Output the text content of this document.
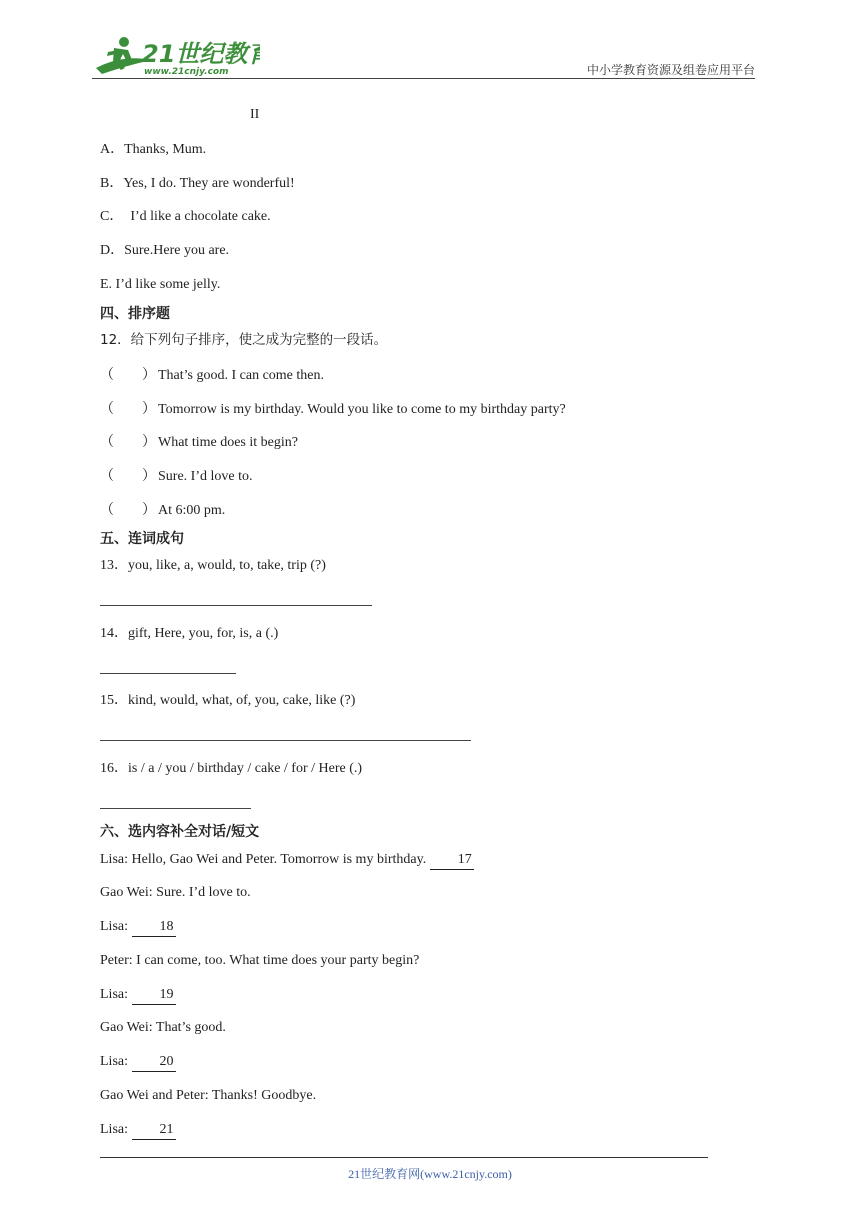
21世纪教育
www.21cnjy.com	中小学教育资源及组卷应用平台
II
A．Thanks, Mum.
B．Yes, I do. They are wonderful!
C．  I’d like a chocolate cake.
D．Sure.Here you are.
E. I’d like some jelly.
四、排序题
12．给下列句子排序，使之成为完整的一段话。
（　　） That’s good. I can come then.
（　　） Tomorrow is my birthday. Would you like to come to my birthday party?
（　　） What time does it begin?
（　　） Sure. I’d love to.
（　　） At 6:00 pm.
五、连词成句
13．you, like, a, would, to, take, trip (?)
14．gift, Here, you, for, is, a (.)
15．kind, would, what, of, you, cake, like (?)
16．is / a / you / birthday / cake / for / Here (.)
六、选内容补全对话/短文
Lisa: Hello, Gao Wei and Peter. Tomorrow is my birthday. 17
Gao Wei: Sure. I’d love to.
Lisa: 18
Peter: I can come, too. What time does your party begin?
Lisa: 19
Gao Wei: That’s good.
Lisa: 20
Gao Wei and Peter: Thanks! Goodbye.
Lisa: 21
21世纪教育网(www.21cnjy.com)
